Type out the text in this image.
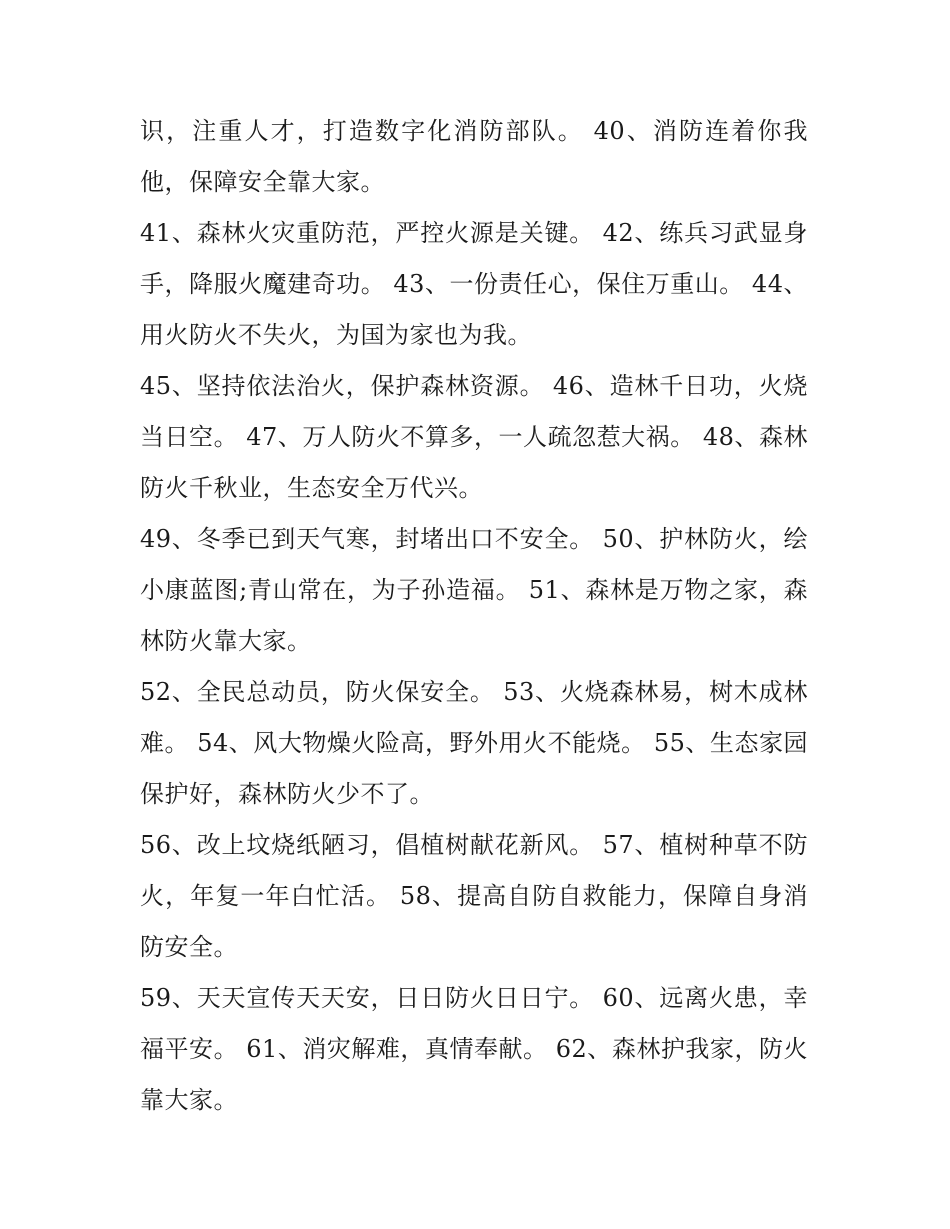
识，注重人才，打造数字化消防部队。 40、消防连着你我他，保障安全靠大家。

41、森林火灾重防范，严控火源是关键。 42、练兵习武显身手，降服火魔建奇功。 43、一份责任心，保住万重山。 44、用火防火不失火，为国为家也为我。

45、坚持依法治火，保护森林资源。 46、造林千日功，火烧当日空。 47、万人防火不算多，一人疏忽惹大祸。 48、森林防火千秋业，生态安全万代兴。

49、冬季已到天气寒，封堵出口不安全。 50、护林防火，绘小康蓝图;青山常在，为子孙造福。 51、森林是万物之家，森林防火靠大家。

52、全民总动员，防火保安全。 53、火烧森林易，树木成林难。 54、风大物燥火险高，野外用火不能烧。 55、生态家园保护好，森林防火少不了。

56、改上坟烧纸陋习，倡植树献花新风。 57、植树种草不防火，年复一年白忙活。 58、提高自防自救能力，保障自身消防安全。

59、天天宣传天天安，日日防火日日宁。 60、远离火患，幸福平安。 61、消灾解难，真情奉献。 62、森林护我家，防火靠大家。
